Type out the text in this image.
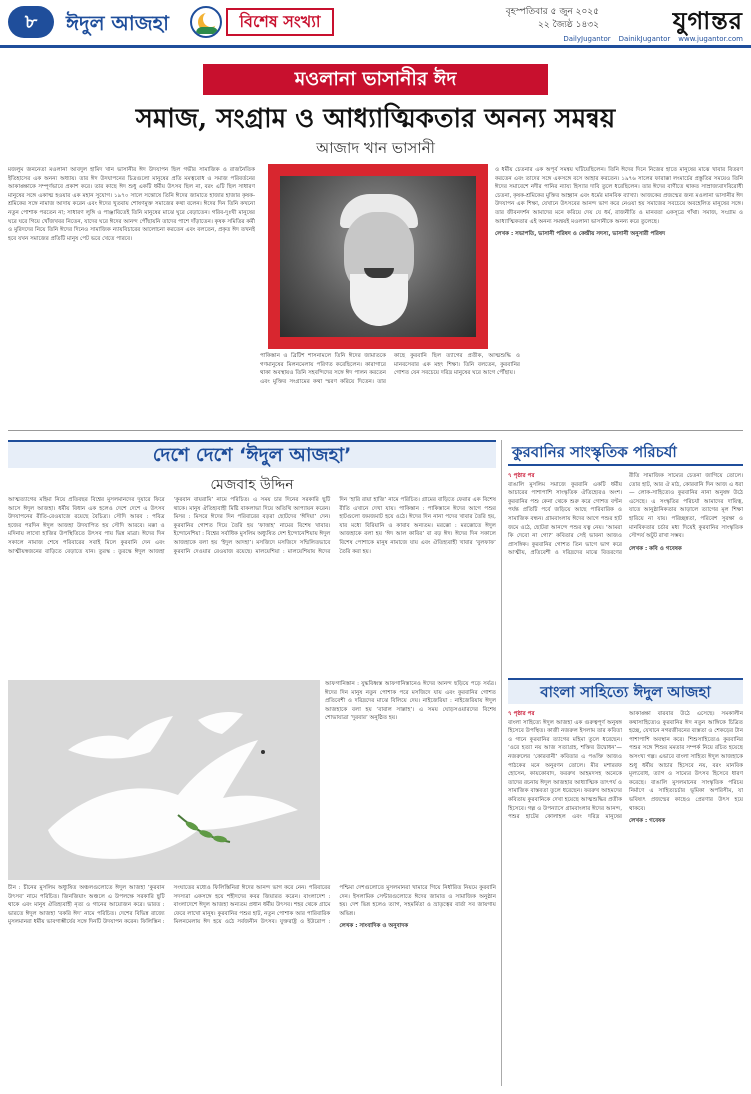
৮	ঈদুল আজহা	বিশেষ সংখ্যা	বৃহস্পতিবার ৫ জুন ২০২৫
২২ জ্যৈষ্ঠ ১৪৩২	যুগান্তর
DailyJugantor DainikJugantor www.jugantor.com
মওলানা ভাসানীর ঈদ
সমাজ, সংগ্রাম ও আধ্যাত্মিকতার অনন্য সমন্বয়
আজাদ খান ভাসানী
মজলুম জননেতা মওলানা আবদুল হামিদ খান ভাসানীর ঈদ উদযাপন ছিল গভীর সামাজিক ও রাজনৈতিক ইতিহাসের এক অনন্য অধ্যায়। তার ঈদ উদযাপনের চিত্রগুলো মানুষের প্রতি মমত্ববোধ ও সমাজ পরিবর্তনের আকাঙ্ক্ষাকে সম্পূর্ণভাবে প্রকাশ করে। তার কাছে ঈদ শুধু একটি ধর্মীয় উৎসব ছিল না, বরং এটি ছিল সাধারণ মানুষের সঙ্গে একাত্ম হওয়ার এক মহান সুযোগ। ১৯৭০ সালে সন্তোষে তিনি ঈদের জামাতে হাজার হাজার কৃষক-শ্রমিকের সঙ্গে নামাজ আদায় করেন এবং ঈদের খুতবায় শোষণমুক্ত সমাজের কথা বলেন। ঈদের দিন তিনি কখনো নতুন পোশাক পরতেন না; সাধারণ লুঙ্গি ও পাঞ্জাবিতেই তিনি মানুষের মাঝে ঘুরে বেড়াতেন। গরিব-দুঃখী মানুষের ঘরে ঘরে গিয়ে খোঁজখবর নিতেন, যাদের ঘরে ঈদের আনন্দ পৌঁছায়নি তাদের পাশে দাঁড়াতেন। কৃষক সমিতির কর্মী ও মুরিদদের নিয়ে তিনি ঈদের দিনেও সামাজিক ন্যায়বিচারের আলোচনা করতেন এবং বলতেন, প্রকৃত ঈদ তখনই হবে যখন সমাজের প্রতিটি মানুষ পেট ভরে খেতে পারবে।
পাকিস্তান ও ব্রিটিশ শাসনামলে তিনি ঈদের জামাতকে গণমানুষের মিলনমেলায় পরিণত করেছিলেন। কারাগারে থাকা অবস্থায়ও তিনি সহবন্দিদের সঙ্গে ঈদ পালন করতেন এবং মুক্তির সংগ্রামের কথা স্মরণ করিয়ে দিতেন। তার কাছে কুরবানি ছিল ত্যাগের প্রতীক, আত্মশুদ্ধি ও মানবসেবার এক মহৎ শিক্ষা। তিনি বলতেন, কুরবানির গোশত যেন সবচেয়ে দরিদ্র মানুষের ঘরে আগে পৌঁছায়।
ও ধর্মীয় চেতনার এক অপূর্ব সমন্বয় ঘটিয়েছিলেন। তিনি ঈদের দিনে নিজের হাতে মানুষের মাঝে খাবার বিতরণ করতেন এবং তাদের সঙ্গে একসঙ্গে বসে আহার করতেন। ১৯৭৬ সালের ফারাক্কা লংমার্চের প্রস্তুতির সময়েও তিনি ঈদের সমাবেশে নদীর পানির ন্যায্য হিস্যার দাবি তুলে ধরেছিলেন। তার ঈদের বাণীতে থাকত সাম্রাজ্যবাদবিরোধী চেতনা, কৃষক-শ্রমিকের মুক্তির আহ্বান এবং ধর্মের মানবিক ব্যাখ্যা। আজকের প্রজন্মের জন্য মওলানা ভাসানীর ঈদ উদযাপন এক শিক্ষা, যেখানে উৎসবের আনন্দ ভাগ করে নেওয়া হয় সমাজের সবচেয়ে অবহেলিত মানুষের সঙ্গে। তার জীবনদর্শন আমাদের মনে করিয়ে দেয় যে ধর্ম, রাজনীতি ও মানবতা একসূত্রে গাঁথা। সমাজ, সংগ্রাম ও আধ্যাত্মিকতার এই অনন্য সমন্বয়ই মওলানা ভাসানীকে অনন্য করে তুলেছে।
লেখক : সভাপতি, ভাসানী পরিষদ ও কেন্দ্রীয় সদস্য, ভাসানী অনুসারী পরিষদ
দেশে দেশে ‘ঈদুল আজহা’
মেজবাহ উদ্দিন
আত্মত্যাগের মহিমা নিয়ে প্রতিবছর বিশ্বের মুসলমানদের দুয়ারে ফিরে আসে ঈদুল আজহা। ধর্মীয় বিধান এক হলেও দেশে দেশে এ উৎসব উদযাপনের রীতি-রেওয়াজে রয়েছে বৈচিত্র্য। সৌদি আরব : পবিত্র হজের পরদিন ঈদুল আজহা উদযাপিত হয় সৌদি আরবে। মক্কা ও মদিনায় লাখো হাজির উপস্থিতিতে উৎসব পায় ভিন্ন মাত্রা। ঈদের দিন সকালে নামাজ শেষে পরিবারের সবাই মিলে কুরবানি দেন এবং আত্মীয়স্বজনের বাড়িতে বেড়াতে যান। তুরস্ক : তুরস্কে ঈদুল আজহা ‘কুরবান বায়রামি’ নামে পরিচিত। এ সময় চার দিনের সরকারি ছুটি থাকে। মানুষ ঐতিহ্যবাহী মিষ্টি বাকলাভা দিয়ে অতিথি আপ্যায়ন করেন। মিসর : মিসরে ঈদের দিন পরিবারের বড়রা ছোটদের ‘ঈদিয়া’ দেন। কুরবানির গোশত দিয়ে তৈরি হয় ‘ফাত্তাহ’ নামের বিশেষ খাবার। ইন্দোনেশিয়া : বিশ্বের সর্বাধিক মুসলিম অধ্যুষিত দেশ ইন্দোনেশিয়ায় ঈদুল আজহাকে বলা হয় ‘ইদুল আদহা’। মসজিদে মসজিদে সম্মিলিতভাবে কুরবানি দেওয়ার রেওয়াজ রয়েছে। মালয়েশিয়া : মালয়েশিয়ায় ঈদের দিন ‘হারি রায়া হাজি’ নামে পরিচিত। গ্রামের বাড়িতে ফেরার এক বিশেষ রীতি এখানে দেখা যায়। পাকিস্তান : পাকিস্তানে ঈদের আগে পশুর হাটগুলো জমজমাট হয়ে ওঠে। ঈদের দিন নানা পদের খাবার তৈরি হয়, যার মধ্যে বিরিয়ানি ও কাবাব অন্যতম। মরক্কো : মরক্কোতে ঈদুল আজহাকে বলা হয় ‘ঈদ আল কাবির’ বা বড় ঈদ। ঈদের দিন সকালে বিশেষ পোশাকে মানুষ নামাজে যায় এবং ঐতিহ্যবাহী খাবার ‘বুলফাফ’ তৈরি করা হয়।
আফগানিস্তান : যুদ্ধবিধ্বস্ত আফগানিস্তানেও ঈদের আনন্দ ছড়িয়ে পড়ে সর্বত্র। ঈদের দিন মানুষ নতুন পোশাক পরে মসজিদে যায় এবং কুরবানির গোশত প্রতিবেশী ও দরিদ্রদের মাঝে বিলিয়ে দেয়। নাইজেরিয়া : নাইজেরিয়ায় ঈদুল আজহাকে বলা হয় ‘বাবাল সাল্লাহ’। এ সময় ঘোড়সওয়ারদের বিশেষ শোভাযাত্রা ‘দুরবার’ অনুষ্ঠিত হয়।
চীন : চীনের মুসলিম অধ্যুষিত অঞ্চলগুলোতে ঈদুল আজহা ‘কুরবান উৎসব’ নামে পরিচিত। জিনজিয়াং অঞ্চলে এ উপলক্ষে সরকারি ছুটি থাকে এবং মানুষ ঐতিহ্যবাহী নৃত্য ও গানের আয়োজন করে। ভারত : ভারতে ঈদুল আজহা ‘বকরি ঈদ’ নামে পরিচিত। দেশের বিভিন্ন রাজ্যে মুসলমানরা ধর্মীয় ভাবগাম্ভীর্যের সঙ্গে দিনটি উদযাপন করেন। ফিলিস্তিন : সংঘাতের মধ্যেও ফিলিস্তিনিরা ঈদের আনন্দ ভাগ করে নেন। পরিবারের সদস্যরা একসঙ্গে হয়ে শহীদদের কবর জিয়ারত করেন। বাংলাদেশ : বাংলাদেশে ঈদুল আজহা অন্যতম প্রধান ধর্মীয় উৎসব। শহর থেকে গ্রামে ফেরে লাখো মানুষ। কুরবানির পশুর হাট, নতুন পোশাক আর পারিবারিক মিলনমেলায় ঈদ হয়ে ওঠে সর্বজনীন উৎসব। যুক্তরাষ্ট্র ও ইউরোপ : পশ্চিমা দেশগুলোতে মুসলমানরা খামারে গিয়ে নির্ধারিত নিয়মে কুরবানি দেন। ইসলামিক সেন্টারগুলোতে ঈদের জামাত ও সামাজিক অনুষ্ঠান হয়। দেশ ভিন্ন হলেও ত্যাগ, সহমর্মিতা ও ভ্রাতৃত্বের বার্তা সব জায়গায় অভিন্ন।
লেখক : সাংবাদিক ও অনুবাদক
কুরবানির সাংস্কৃতিক পরিচর্যা
৭ পৃষ্ঠার পর
বাঙালি মুসলিম সমাজে কুরবানি একটি ধর্মীয় আচারের পাশাপাশি সাংস্কৃতিক ঐতিহ্যেরও অংশ। কুরবানির পশু কেনা থেকে শুরু করে গোশত বণ্টন পর্যন্ত প্রতিটি পর্বে জড়িয়ে আছে পারিবারিক ও সামাজিক বন্ধন। গ্রামবাংলায় ঈদের আগে পশুর হাট জমে ওঠে, ছোটরা আনন্দে পশুর যত্ন নেয়। ‘আমরা কি দেবো না গো?’ কবিতার সেই ভাবনা আজও প্রাসঙ্গিক। কুরবানির গোশত তিন ভাগে ভাগ করে আত্মীয়, প্রতিবেশী ও দরিদ্রদের মাঝে বিতরণের রীতি সামাজিক সাম্যের চেতনা জাগিয়ে তোলে। তোর হাট, আর ঐ মাঠ, কোরবানি দিন আজ এ ধরা— লোক-সাহিত্যেও কুরবানির নানা অনুষঙ্গ উঠে এসেছে। এ সংস্কৃতির পরিচর্যা আমাদের দায়িত্ব, যাতে আনুষ্ঠানিকতার আড়ালে ত্যাগের মূল শিক্ষা হারিয়ে না যায়। পরিচ্ছন্নতা, পরিবেশ সুরক্ষা ও মানবিকতার চর্চার মধ্য দিয়েই কুরবানির সাংস্কৃতিক সৌন্দর্য অটুট রাখা সম্ভব।
লেখক : কবি ও গবেষক
বাংলা সাহিত্যে ঈদুল আজহা
৭ পৃষ্ঠার পর
বাংলা সাহিত্যে ঈদুল আজহা এক গুরুত্বপূর্ণ অনুষঙ্গ হিসেবে উপস্থিত। কাজী নজরুল ইসলাম তার কবিতা ও গানে কুরবানির ত্যাগের মহিমা তুলে ধরেছেন। ‘ওরে হত্যা নয় আজ সত্যাগ্রহ, শক্তির উদ্বোধন’— নজরুলের ‘কোরবানী’ কবিতার এ পঙক্তি আজও পাঠকের মনে অনুরণন তোলে। মীর মশাররফ হোসেন, কায়কোবাদ, ফররুখ আহমদসহ অনেকে তাদের রচনায় ঈদুল আজহার আধ্যাত্মিক তাৎপর্য ও সামাজিক বাস্তবতা তুলে ধরেছেন। ফররুখ আহমদের কবিতায় কুরবানিকে দেখা হয়েছে আত্মশুদ্ধির প্রতীক হিসেবে। গল্প ও উপন্যাসে গ্রামবাংলার ঈদের আনন্দ, পশুর হাটের কোলাহল এবং দরিদ্র মানুষের আকাঙ্ক্ষা বারবার উঠে এসেছে। সমকালীন কথাসাহিত্যেও কুরবানির ঈদ নতুন আঙ্গিকে চিত্রিত হচ্ছে, যেখানে নগরজীবনের ব্যস্ততা ও শেকড়ের টান পাশাপাশি অবস্থান করে। শিশুসাহিত্যেও কুরবানির পশুর সঙ্গে শিশুর মমতার সম্পর্ক নিয়ে রচিত হয়েছে অসংখ্য গল্প। এভাবে বাংলা সাহিত্য ঈদুল আজহাকে শুধু ধর্মীয় আচার হিসেবে নয়, বরং মানবিক মূল্যবোধ, ত্যাগ ও সাম্যের উৎসব হিসেবে ধারণ করেছে। বাঙালি মুসলমানের সাংস্কৃতিক পরিচয় নির্মাণে এ সাহিত্যচর্চার ভূমিকা অপরিসীম, যা ভবিষ্যৎ প্রজন্মের কাছেও প্রেরণার উৎস হয়ে থাকবে।
লেখক : গবেষক
